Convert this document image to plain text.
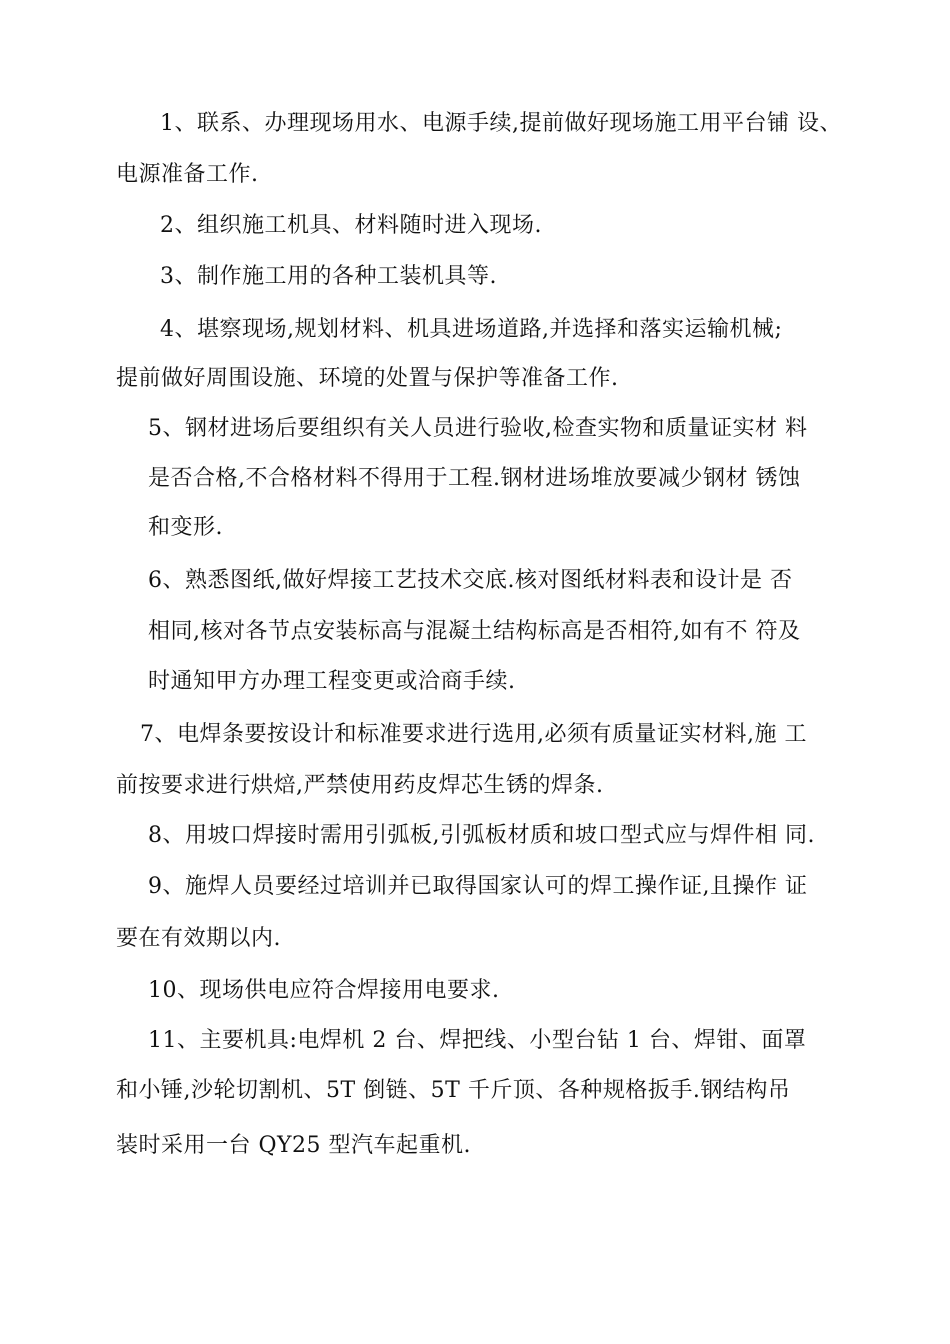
1、联系、办理现场用水、电源手续,提前做好现场施工用平台铺 设、
电源准备工作.
2、组织施工机具、材料随时进入现场.
3、制作施工用的各种工装机具等.
4、堪察现场,规划材料、机具进场道路,并选择和落实运输机械;
提前做好周围设施、环境的处置与保护等准备工作.
5、钢材进场后要组织有关人员进行验收,检查实物和质量证实材 料
是否合格,不合格材料不得用于工程.钢材进场堆放要减少钢材 锈蚀
和变形.
6、熟悉图纸,做好焊接工艺技术交底.核对图纸材料表和设计是 否
相同,核对各节点安装标高与混凝土结构标高是否相符,如有不 符及
时通知甲方办理工程变更或洽商手续.
7、电焊条要按设计和标准要求进行选用,必须有质量证实材料,施 工
前按要求进行烘焙,严禁使用药皮焊芯生锈的焊条.
8、用坡口焊接时需用引弧板,引弧板材质和坡口型式应与焊件相 同.
9、施焊人员要经过培训并已取得国家认可的焊工操作证,且操作 证
要在有效期以内.
10、现场供电应符合焊接用电要求.
11、主要机具:电焊机 2 台、焊把线、小型台钻 1 台、焊钳、面罩
和小锤,沙轮切割机、5T 倒链、5T 千斤顶、各种规格扳手.钢结构吊
装时采用一台 QY25 型汽车起重机.
